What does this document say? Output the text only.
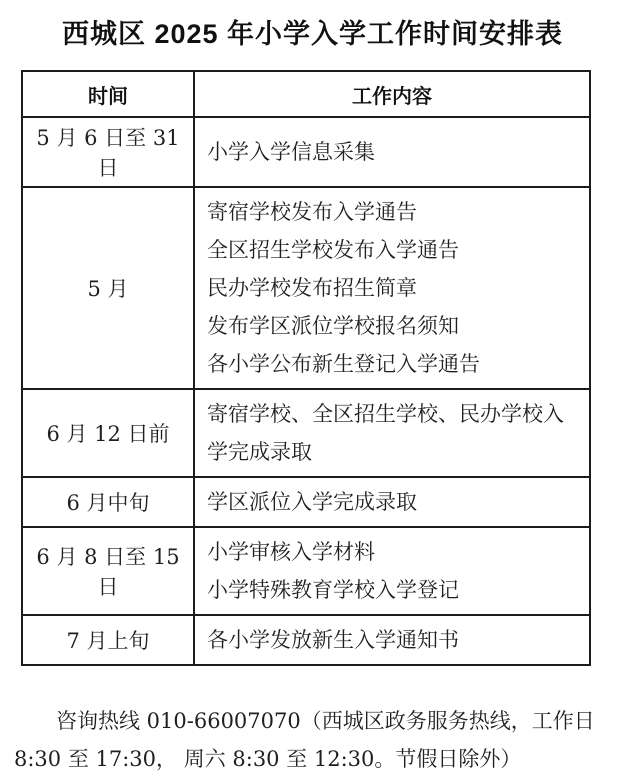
西城区 2025 年小学入学工作时间安排表
时间	工作内容
5 月 6 日至 31 日	小学入学信息采集

5 月	寄宿学校发布入学通告
全区招生学校发布入学通告
民办学校发布招生简章
发布学区派位学校报名须知
各小学公布新生登记入学通告

6 月 12 日前	寄宿学校、全区招生学校、民办学校入学完成录取

6 月中旬	学区派位入学完成录取

6 月 8 日至 15 日	小学审核入学材料
小学特殊教育学校入学登记

7 月上旬	各小学发放新生入学通知书
咨询热线 010-66007070（西城区政务服务热线，工作日 8:30 至 17:30， 周六 8:30 至 12:30。节假日除外）
